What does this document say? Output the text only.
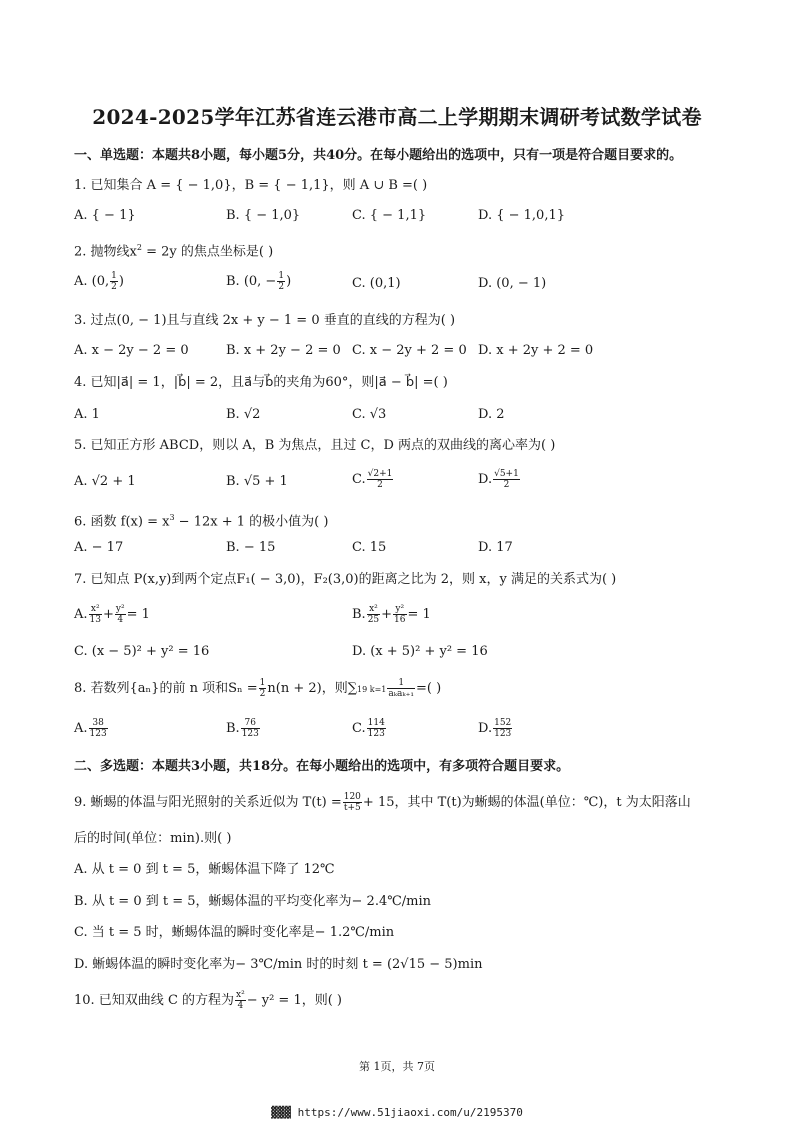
2024-2025学年江苏省连云港市高二上学期期末调研考试数学试卷
一、单选题：本题共8小题，每小题5分，共40分。在每小题给出的选项中，只有一项是符合题目要求的。
1. 已知集合 A = { − 1,0}，B = { − 1,1}，则 A ∪ B =( )
A. { − 1}	B. { − 1,0}	C. { − 1,1}	D. { − 1,0,1}
2. 抛物线$x^2 = 2y$ 的焦点坐标是( )
A. (0, $\frac{1}{2}$ )	B. (0, − $\frac{1}{2}$ )	C. (0,1)	D. (0, − 1)
3. 过点(0, − 1)且与直线 2x + y − 1 = 0 垂直的直线的方程为( )
A. x − 2y − 2 = 0	B. x + 2y − 2 = 0 C. x − 2y + 2 = 0 D. x + 2y + 2 = 0
4. 已知|a⃗| = 1，|b⃗| = 2，且a⃗与b⃗的夹角为60°，则|a⃗ − b⃗| =( )
A. 1	B. √2	C. √3	D. 2
5. 已知正方形 ABCD，则以 A，B 为焦点，且过 C，D 两点的双曲线的离心率为( )
A. √2 + 1	B. √5 + 1	C. $\frac{√2+1}{2}$	D. $\frac{√5+1}{2}$
6. 函数 $f(x) = x^3 - 12x + 1$ 的极小值为( )
A. − 17	B. − 15	C. 15	D. 17
7. 已知点 P(x,y)到两个定点F₁( − 3,0)，F₂(3,0)的距离之比为 2，则 x，y 满足的关系式为( )
A. $\frac{\text{x²}}{13} + \frac{\text{y²}}{4} = 1$	B. $\frac{\text{x²}}{25} + \frac{\text{y²}}{16} = 1$
C. (x − 5)² + y² = 16	D. (x + 5)² + y² = 16
8. 若数列{aₙ}的前 n 项和$S_n = \frac{1}{2} n(n + 2)$，则∑19 $k=1 \frac{1}{\text{aₖaₖ₊₁}}$ =( )
A. $\frac{38}{123}$	B. $\frac{76}{123}$	C. $\frac{114}{123}$	D. $\frac{152}{123}$
二、多选题：本题共3小题，共18分。在每小题给出的选项中，有多项符合题目要求。
9. 蜥蜴的体温与阳光照射的关系近似为 $T(t) = \frac{120}{t+5} + 15$，其中 T(t)为蜥蜴的体温(单位：℃)，t 为太阳落山
后的时间(单位：min).则( )
A. 从 t = 0 到 t = 5，蜥蜴体温下降了 12℃
B. 从 t = 0 到 t = 5，蜥蜴体温的平均变化率为− 2.4℃/min
C. 当 t = 5 时，蜥蜴体温的瞬时变化率是− 1.2℃/min
D. 蜥蜴体温的瞬时变化率为− 3℃/min 时的时刻 t = (2√15 − 5)min
10. 已知双曲线 C 的方程为 $\frac{\text{x²}}{4} - y^2 = 1$，则( )
第 1页，共 7页
▓▓▓ https://www.51jiaoxi.com/u/2195370
